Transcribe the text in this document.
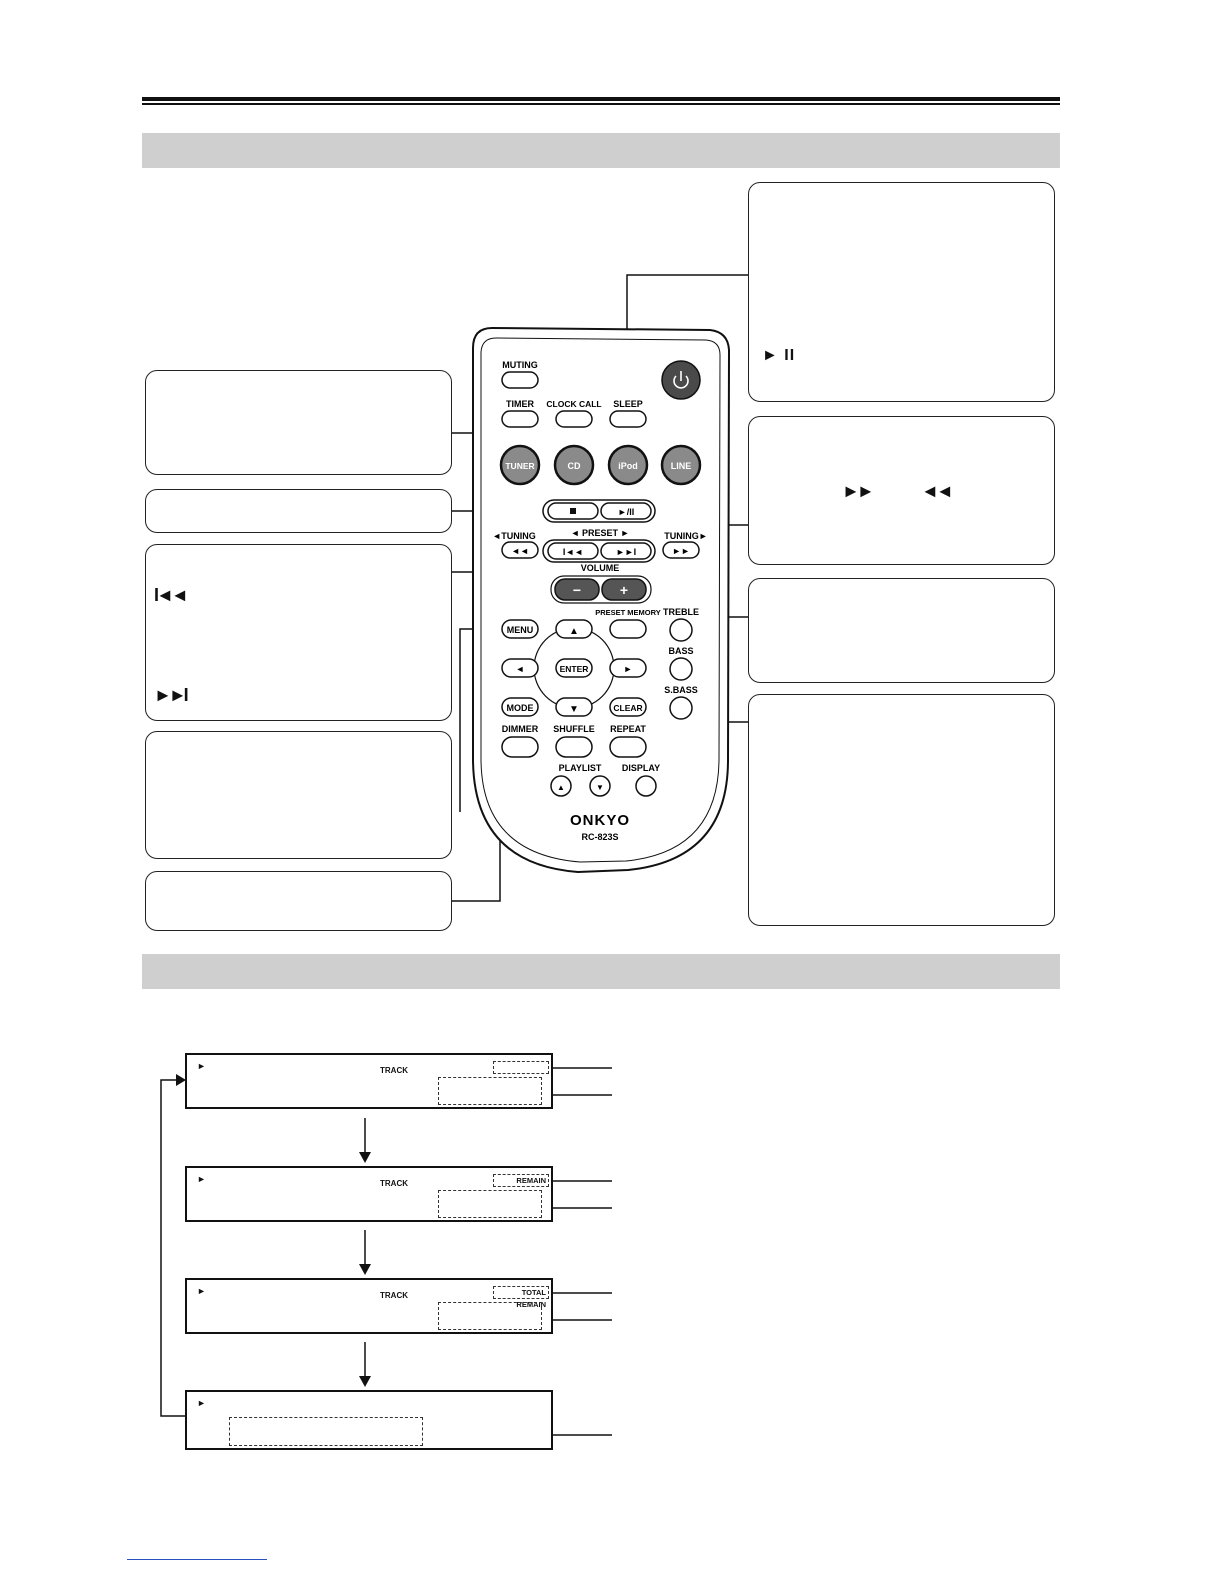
I◄◄
►►I
► II
►►	◄◄
MUTING
TIMER CLOCK CALL SLEEP
TUNER	CD	iPod	LINE
►/II
◄TUNING
◄◄
TUNING►
►►
◄ PRESET ►
I◄◄	►►I
VOLUME
−	+
PRESET MEMORY TREBLE
MENU	▲
◄	ENTER	►
BASS
MODE	▼	CLEAR
S.BASS
DIMMER SHUFFLE REPEAT
PLAYLIST
▲	▼
DISPLAY
ONKYO
RC-823S
►	TRACK
►	TRACK	REMAIN
►	TRACK	TOTAL REMAIN
►
